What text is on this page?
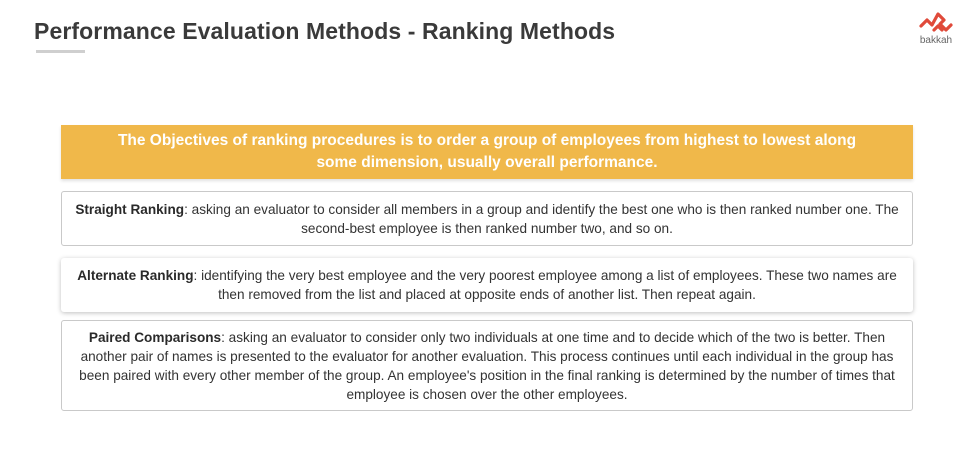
Performance Evaluation Methods - Ranking Methods	bakkah
The Objectives of ranking procedures is to order a group of employees from highest to lowest along some dimension, usually overall performance.

Straight Ranking: asking an evaluator to consider all members in a group and identify the best one who is then ranked number one. The second-best employee is then ranked number two, and so on.

Alternate Ranking: identifying the very best employee and the very poorest employee among a list of employees. These two names are then removed from the list and placed at opposite ends of another list. Then repeat again.

Paired Comparisons: asking an evaluator to consider only two individuals at one time and to decide which of the two is better. Then another pair of names is presented to the evaluator for another evaluation. This process continues until each individual in the group has been paired with every other member of the group. An employee's position in the final ranking is determined by the number of times that employee is chosen over the other employees.
